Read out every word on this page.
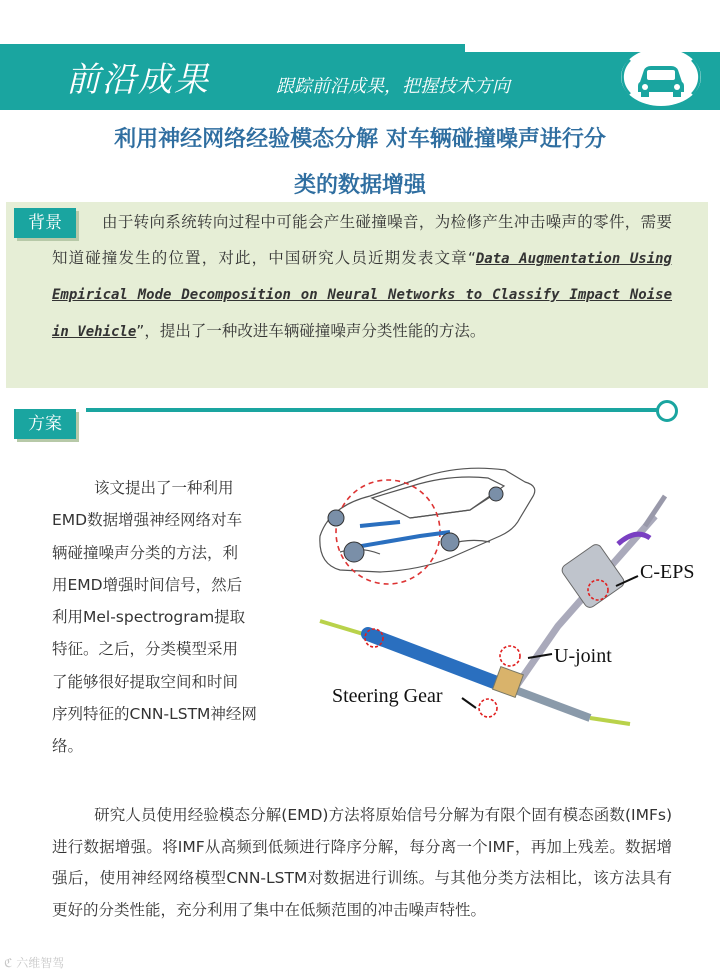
前沿成果	跟踪前沿成果，把握技术方向
利用神经网络经验模态分解 对车辆碰撞噪声进行分
类的数据增强
背景	由于转向系统转向过程中可能会产生碰撞噪音，为检修产生冲击噪声的零件，需要知道碰撞发生的位置，对此，中国研究人员近期发表文章“Data Augmentation Using Empirical Mode Decomposition on Neural Networks to Classify Impact Noise in Vehicle”，提出了一种改进车辆碰撞噪声分类性能的方法。
方案
该文提出了一种利用
EMD数据增强神经网络对车
辆碰撞噪声分类的方法，利
用EMD增强时间信号，然后
利用Mel-spectrogram提取
特征。之后，分类模型采用
了能够很好提取空间和时间
序列特征的CNN-LSTM神经网
络。
C-EPS
U-joint
Steering Gear
研究人员使用经验模态分解(EMD)方法将原始信号分解为有限个固有模态函数(IMFs)进行数据增强。将IMF从高频到低频进行降序分解，每分离一个IMF，再加上残差。数据增强后，使用神经网络模型CNN-LSTM对数据进行训练。与其他分类方法相比，该方法具有更好的分类性能，充分利用了集中在低频范围的冲击噪声特性。
ℭ 六维智驾
